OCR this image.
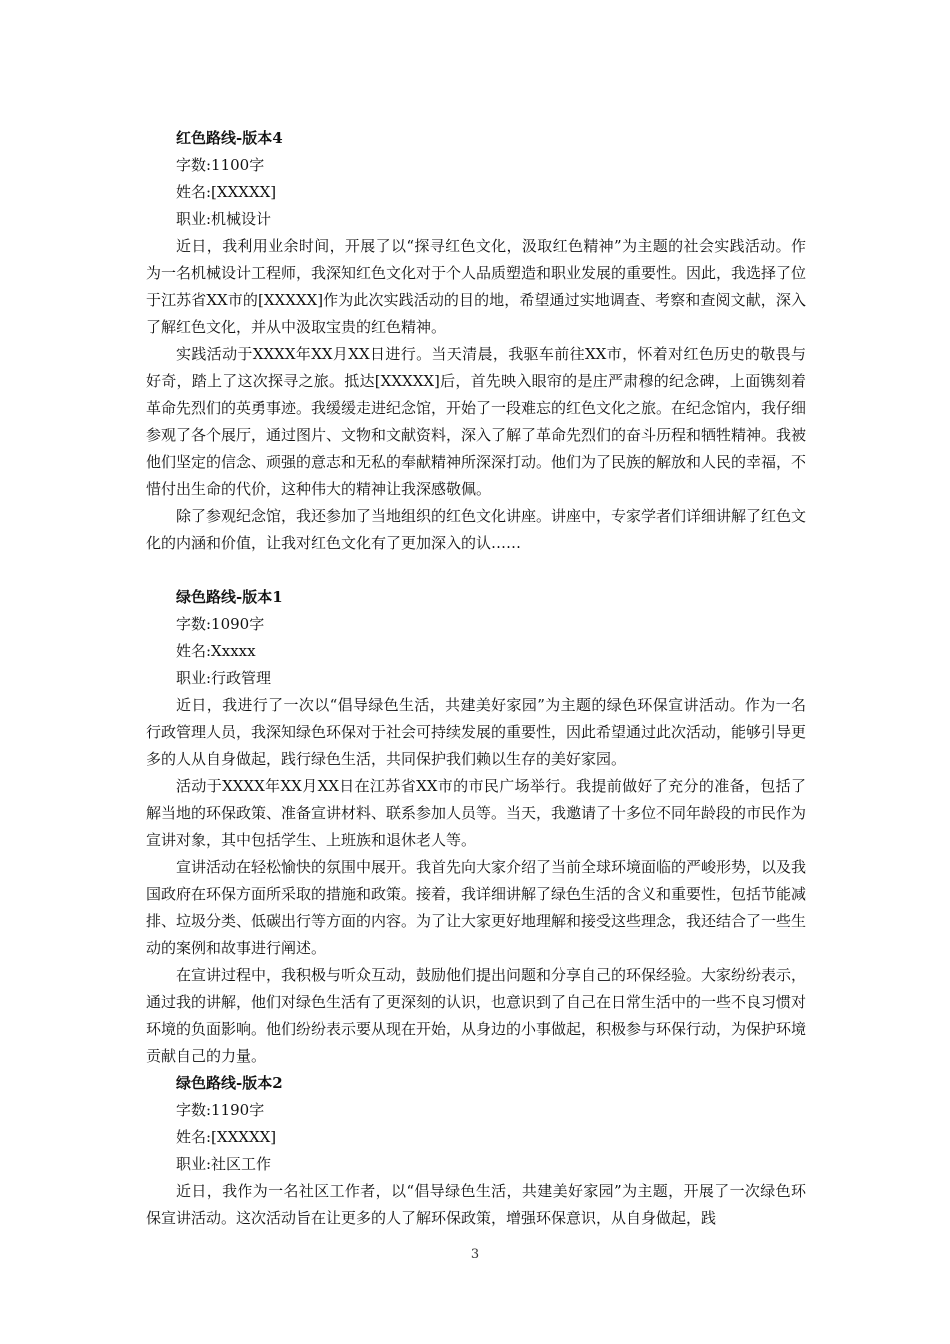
红色路线-版本4

字数:1100字

姓名:[XXXXX]

职业:机械设计

近日，我利用业余时间，开展了以“探寻红色文化，汲取红色精神”为主题的社会实践活动。作为一名机械设计工程师，我深知红色文化对于个人品质塑造和职业发展的重要性。因此，我选择了位于江苏省XX市的[XXXXX]作为此次实践活动的目的地，希望通过实地调查、考察和查阅文献，深入了解红色文化，并从中汲取宝贵的红色精神。

实践活动于XXXX年XX月XX日进行。当天清晨，我驱车前往XX市，怀着对红色历史的敬畏与好奇，踏上了这次探寻之旅。抵达[XXXXX]后，首先映入眼帘的是庄严肃穆的纪念碑，上面镌刻着革命先烈们的英勇事迹。我缓缓走进纪念馆，开始了一段难忘的红色文化之旅。在纪念馆内，我仔细参观了各个展厅，通过图片、文物和文献资料，深入了解了革命先烈们的奋斗历程和牺牲精神。我被他们坚定的信念、顽强的意志和无私的奉献精神所深深打动。他们为了民族的解放和人民的幸福，不惜付出生命的代价，这种伟大的精神让我深感敬佩。

除了参观纪念馆，我还参加了当地组织的红色文化讲座。讲座中，专家学者们详细讲解了红色文化的内涵和价值，让我对红色文化有了更加深入的认……

绿色路线-版本1

字数:1090字

姓名:Xxxxx

职业:行政管理

近日，我进行了一次以“倡导绿色生活，共建美好家园”为主题的绿色环保宣讲活动。作为一名行政管理人员，我深知绿色环保对于社会可持续发展的重要性，因此希望通过此次活动，能够引导更多的人从自身做起，践行绿色生活，共同保护我们赖以生存的美好家园。

活动于XXXX年XX月XX日在江苏省XX市的市民广场举行。我提前做好了充分的准备，包括了解当地的环保政策、准备宣讲材料、联系参加人员等。当天，我邀请了十多位不同年龄段的市民作为宣讲对象，其中包括学生、上班族和退休老人等。

宣讲活动在轻松愉快的氛围中展开。我首先向大家介绍了当前全球环境面临的严峻形势，以及我国政府在环保方面所采取的措施和政策。接着，我详细讲解了绿色生活的含义和重要性，包括节能减排、垃圾分类、低碳出行等方面的内容。为了让大家更好地理解和接受这些理念，我还结合了一些生动的案例和故事进行阐述。

在宣讲过程中，我积极与听众互动，鼓励他们提出问题和分享自己的环保经验。大家纷纷表示，通过我的讲解，他们对绿色生活有了更深刻的认识，也意识到了自己在日常生活中的一些不良习惯对环境的负面影响。他们纷纷表示要从现在开始，从身边的小事做起，积极参与环保行动，为保护环境贡献自己的力量。

绿色路线-版本2

字数:1190字

姓名:[XXXXX]

职业:社区工作

近日，我作为一名社区工作者，以“倡导绿色生活，共建美好家园”为主题，开展了一次绿色环保宣讲活动。这次活动旨在让更多的人了解环保政策，增强环保意识，从自身做起，践

3
